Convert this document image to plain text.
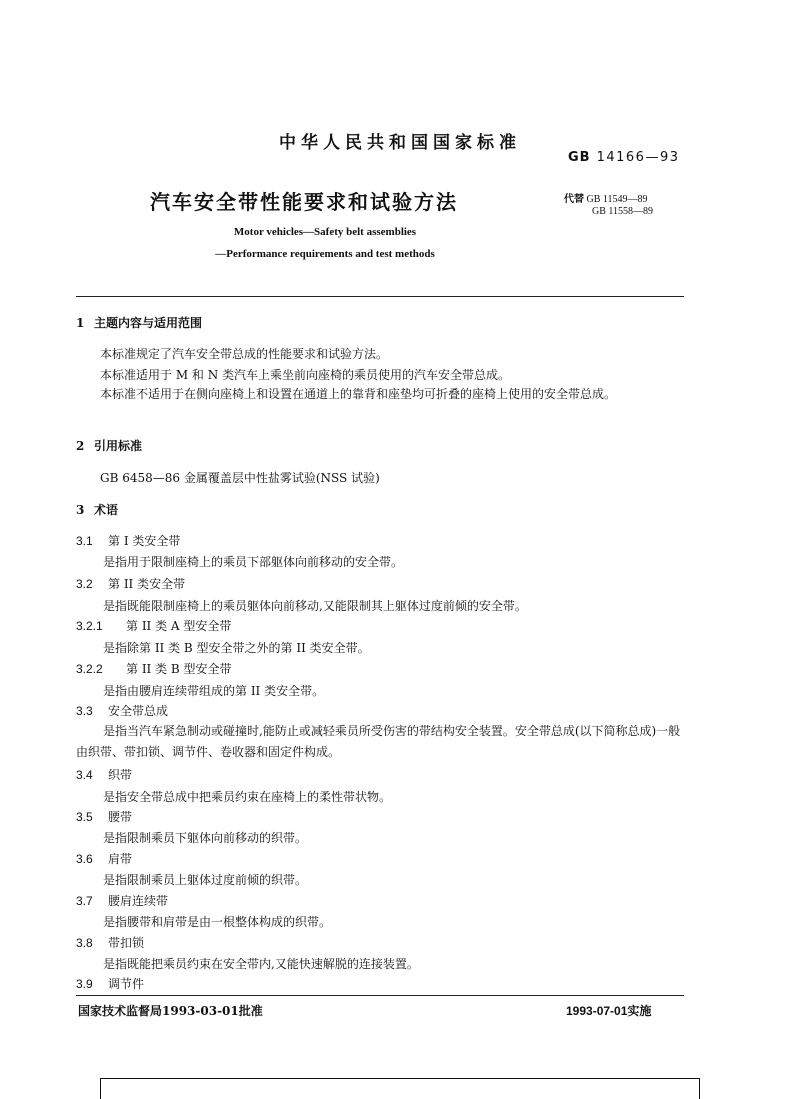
中华人民共和国国家标准
GB 14166—93
汽车安全带性能要求和试验方法	代替 GB 11549—89
GB 11558—89
Motor vehicles—Safety belt assemblies
—Performance requirements and test methods
1 主题内容与适用范围
本标准规定了汽车安全带总成的性能要求和试验方法。
本标准适用于 M 和 N 类汽车上乘坐前向座椅的乘员使用的汽车安全带总成。
本标准不适用于在侧向座椅上和设置在通道上的靠背和座垫均可折叠的座椅上使用的安全带总成。
2 引用标准
GB 6458—86 金属覆盖层中性盐雾试验(NSS 试验)
3 术语
3.1 第 I 类安全带
是指用于限制座椅上的乘员下部躯体向前移动的安全带。
3.2 第 II 类安全带
是指既能限制座椅上的乘员躯体向前移动,又能限制其上躯体过度前倾的安全带。
3.2.1 第 II 类 A 型安全带
是指除第 II 类 B 型安全带之外的第 II 类安全带。
3.2.2 第 II 类 B 型安全带
是指由腰肩连续带组成的第 II 类安全带。
3.3 安全带总成
是指当汽车紧急制动或碰撞时,能防止或减轻乘员所受伤害的带结构安全装置。安全带总成(以下简称总成)一般由织带、带扣锁、调节件、卷收器和固定件构成。
3.4 织带
是指安全带总成中把乘员约束在座椅上的柔性带状物。
3.5 腰带
是指限制乘员下躯体向前移动的织带。
3.6 肩带
是指限制乘员上躯体过度前倾的织带。
3.7 腰肩连续带
是指腰带和肩带是由一根整体构成的织带。
3.8 带扣锁
是指既能把乘员约束在安全带内,又能快速解脱的连接装置。
3.9 调节件
国家技术监督局1993-03-01批准	1993-07-01实施
